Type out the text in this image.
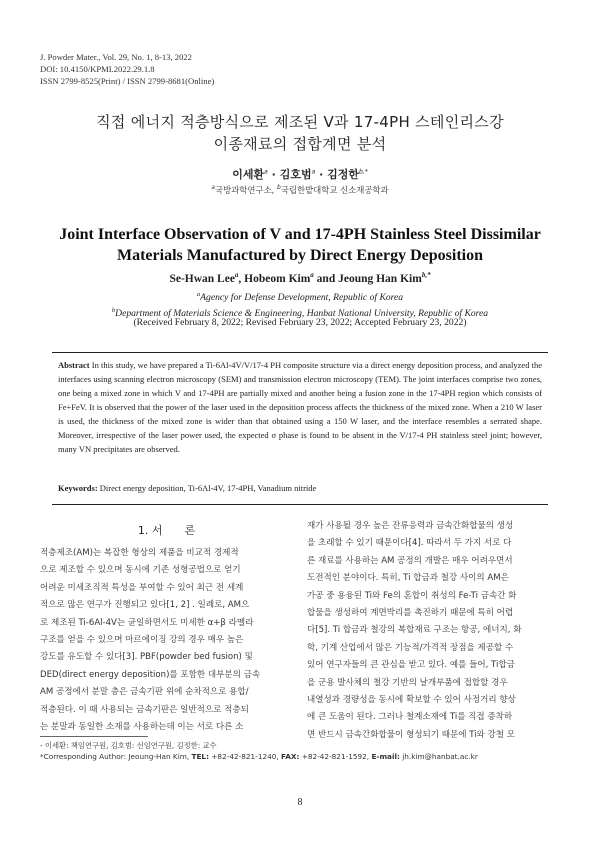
J. Powder Mater., Vol. 29, No. 1, 8-13, 2022
DOI: 10.4150/KPMI.2022.29.1.8
ISSN 2799-8525(Print) / ISSN 2799-8681(Online)
직접 에너지 적층방식으로 제조된 V과 17-4PH 스테인리스강
이종재료의 접합계면 분석
이세환$^a$ · 김호범$^a$ · 김정한$^{b,*}$
$^a$국방과학연구소, $^b$국립한밭대학교 신소재공학과
Joint Interface Observation of V and 17-4PH Stainless Steel Dissimilar
Materials Manufactured by Direct Energy Deposition
Se-Hwan Lee$^a$, Hobeom Kim$^a$ and Jeoung Han Kim$^{b,*}$
$^a$Agency for Defense Development, Republic of Korea
$^b$Department of Materials Science & Engineering, Hanbat National University, Republic of Korea
(Received February 8, 2022; Revised February 23, 2022; Accepted February 23, 2022)
Abstract In this study, we have prepared a Ti-6Al-4V/V/17-4 PH composite structure via a direct energy deposition process, and analyzed the interfaces using scanning electron microscopy (SEM) and transmission electron microscopy (TEM). The joint interfaces comprise two zones, one being a mixed zone in which V and 17-4PH are partially mixed and another being a fusion zone in the 17-4PH region which consists of Fe+FeV. It is observed that the power of the laser used in the deposition process affects the thickness of the mixed zone. When a 210 W laser is used, the thickness of the mixed zone is wider than that obtained using a 150 W laser, and the interface resembles a serrated shape. Moreover, irrespective of the laser power used, the expected σ phase is found to be absent in the V/17-4 PH stainless steel joint; however, many VN precipitates are observed.
Keywords: Direct energy deposition, Ti-6Al-4V, 17-4PH, Vanadium nitride
1. 서　　론
적층제조(AM)는 복잡한 형상의 제품을 비교적 경제적
으로 제조할 수 있으며 동시에 기존 성형공법으로 얻기
어려운 미세조직적 특성을 부여할 수 있어 최근 전 세계
적으로 많은 연구가 진행되고 있다[1, 2] . 일례로, AM으
로 제조된 Ti-6Al-4V는 균일하면서도 미세한 α+β 라멜라
구조를 얻을 수 있으며 마르에이징 강의 경우 매우 높은
강도를 유도할 수 있다[3]. PBF(powder bed fusion) 및
DED(direct energy deposition)를 포함한 대부분의 금속
AM 공정에서 분말 층은 금속기판 위에 순차적으로 용합/
적층된다. 이 때 사용되는 금속기판은 일반적으로 적층되
는 분말과 동일한 소재를 사용하는데 이는 서로 다른 소
재가 사용될 경우 높은 잔류응력과 금속간화합물의 생성
을 초래할 수 있기 때문이다[4]. 따라서 두 가지 서로 다
른 재료를 사용하는 AM 공정의 개발은 매우 어려우면서
도전적인 분야이다. 특히, Ti 합금과 철강 사이의 AM은
가공 중 용융된 Ti와 Fe의 혼합이 취성의 Fe-Ti 금속간 화
합물을 생성하여 계면박리를 촉진하기 때문에 특히 어렵
다[5]. Ti 합금과 철강의 복합재료 구조는 항공, 에너지, 화
학, 기계 산업에서 많은 기능적/가격적 장점을 제공할 수
있어 연구자들의 큰 관심을 받고 있다. 예를 들어, Ti합금
을 군용 발사체의 철강 기반의 날개부품에 접합할 경우
내열성과 경량성을 동시에 확보할 수 있어 사정거리 향상
에 큰 도움이 된다. 그러나 철계소재에 Ti를 직접 증착하
면 반드시 금속간화합물이 형성되기 때문에 Ti와 강철 모
- 이세환: 책임연구원, 김호범: 선임연구원, 김정한: 교수
*Corresponding Author: Jeoung-Han Kim, TEL: +82-42-821-1240, FAX: +82-42-821-1592, E-mail: jh.kim@hanbat.ac.kr
8
